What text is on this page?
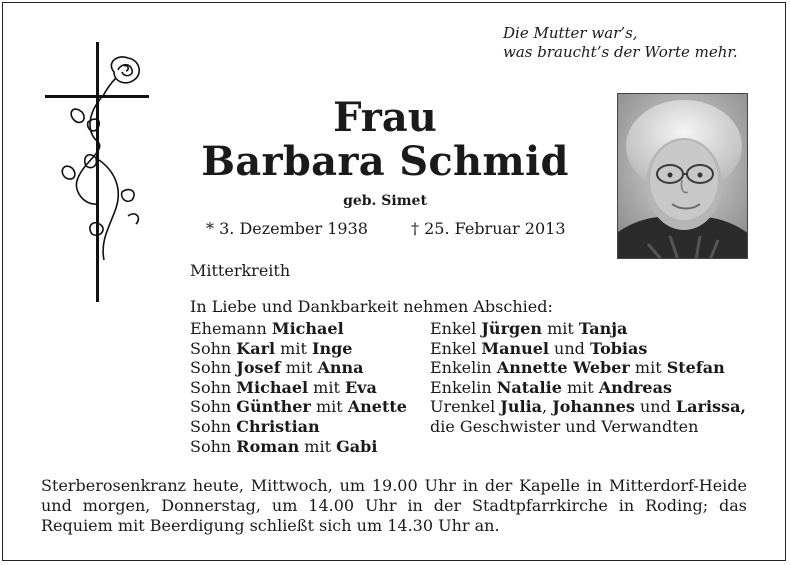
Die Mutter war’s,
was braucht’s der Worte mehr.
Frau
Barbara Schmid
geb. Simet
* 3. Dezember 1938	† 25. Februar 2013
Mitterkreith
In Liebe und Dankbarkeit nehmen Abschied:
Ehemann Michael
Sohn Karl mit Inge
Sohn Josef mit Anna
Sohn Michael mit Eva
Sohn Günther mit Anette
Sohn Christian
Sohn Roman mit Gabi
Enkel Jürgen mit Tanja
Enkel Manuel und Tobias
Enkelin Annette Weber mit Stefan
Enkelin Natalie mit Andreas
Urenkel Julia, Johannes und Larissa,
die Geschwister und Verwandten
Sterberosenkranz heute, Mittwoch, um 19.00 Uhr in der Kapelle in Mitterdorf-Heide und morgen, Donnerstag, um 14.00 Uhr in der Stadtpfarrkirche in Roding; das Requiem mit Beerdigung schließt sich um 14.30 Uhr an.
